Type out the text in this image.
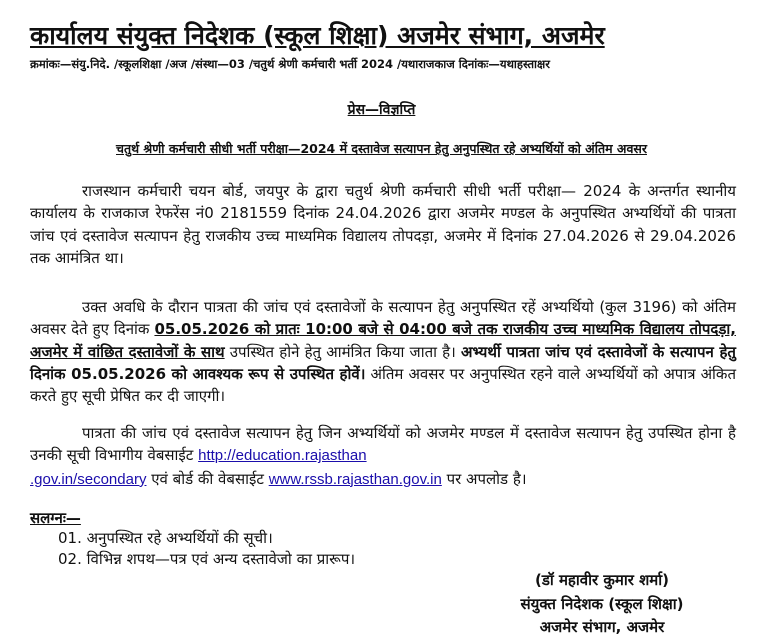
कार्यालय संयुक्त निदेशक (स्कूल शिक्षा) अजमेर संभाग, अजमेर
क्रमांकः—संयु.निदे. /स्कूलशिक्षा /अज /संस्था—03 /चतुर्थ श्रेणी कर्मचारी भर्ती 2024 /यथाराजकाज दिनांकः—यथाहस्ताक्षर
प्रेस—विज्ञप्ति
चतुर्थ श्रेणी कर्मचारी सीधी भर्ती परीक्षा—2024 में दस्तावेज सत्यापन हेतु अनुपस्थित रहे अभ्यर्थियों को अंतिम अवसर
राजस्थान कर्मचारी चयन बोर्ड, जयपुर के द्वारा चतुर्थ श्रेणी कर्मचारी सीधी भर्ती परीक्षा— 2024 के अन्तर्गत स्थानीय कार्यालय के राजकाज रेफरेंस नं0 2181559 दिनांक 24.04.2026 द्वारा अजमेर मण्डल के अनुपस्थित अभ्यर्थियों की पात्रता जांच एवं दस्तावेज सत्यापन हेतु राजकीय उच्च माध्यमिक विद्यालय तोपदड़ा, अजमेर में दिनांक 27.04.2026 से 29.04.2026 तक आमंत्रित था।
उक्त अवधि के दौरान पात्रता की जांच एवं दस्तावेजों के सत्यापन हेतु अनुपस्थित रहें अभ्यर्थियो (कुल 3196) को अंतिम अवसर देते हुए दिनांक 05.05.2026 को प्रातः 10:00 बजे से 04:00 बजे तक राजकीय उच्च माध्यमिक विद्यालय तोपदड़ा, अजमेर में वांछित दस्तावेजों के साथ उपस्थित होने हेतु आमंत्रित किया जाता है। अभ्यर्थी पात्रता जांच एवं दस्तावेजों के सत्यापन हेतु दिनांक 05.05.2026 को आवश्यक रूप से उपस्थित होवें। अंतिम अवसर पर अनुपस्थित रहने वाले अभ्यर्थियों को अपात्र अंकित करते हुए सूची प्रेषित कर दी जाएगी।
पात्रता की जांच एवं दस्तावेज सत्यापन हेतु जिन अभ्यर्थियों को अजमेर मण्डल में दस्तावेज सत्यापन हेतु उपस्थित होना है उनकी सूची विभागीय वेबसाईट http://education.rajasthan
.gov.in/secondary एवं बोर्ड की वेबसाईट www.rssb.rajasthan.gov.in पर अपलोड है।
सलग्नः—
01. अनुपस्थित रहे अभ्यर्थियों की सूची।
02. विभिन्न शपथ—पत्र एवं अन्य दस्तावेजो का प्रारूप।
(डॉ महावीर कुमार शर्मा)
संयुक्त निदेशक (स्कूल शिक्षा)
अजमेर संभाग, अजमेर
